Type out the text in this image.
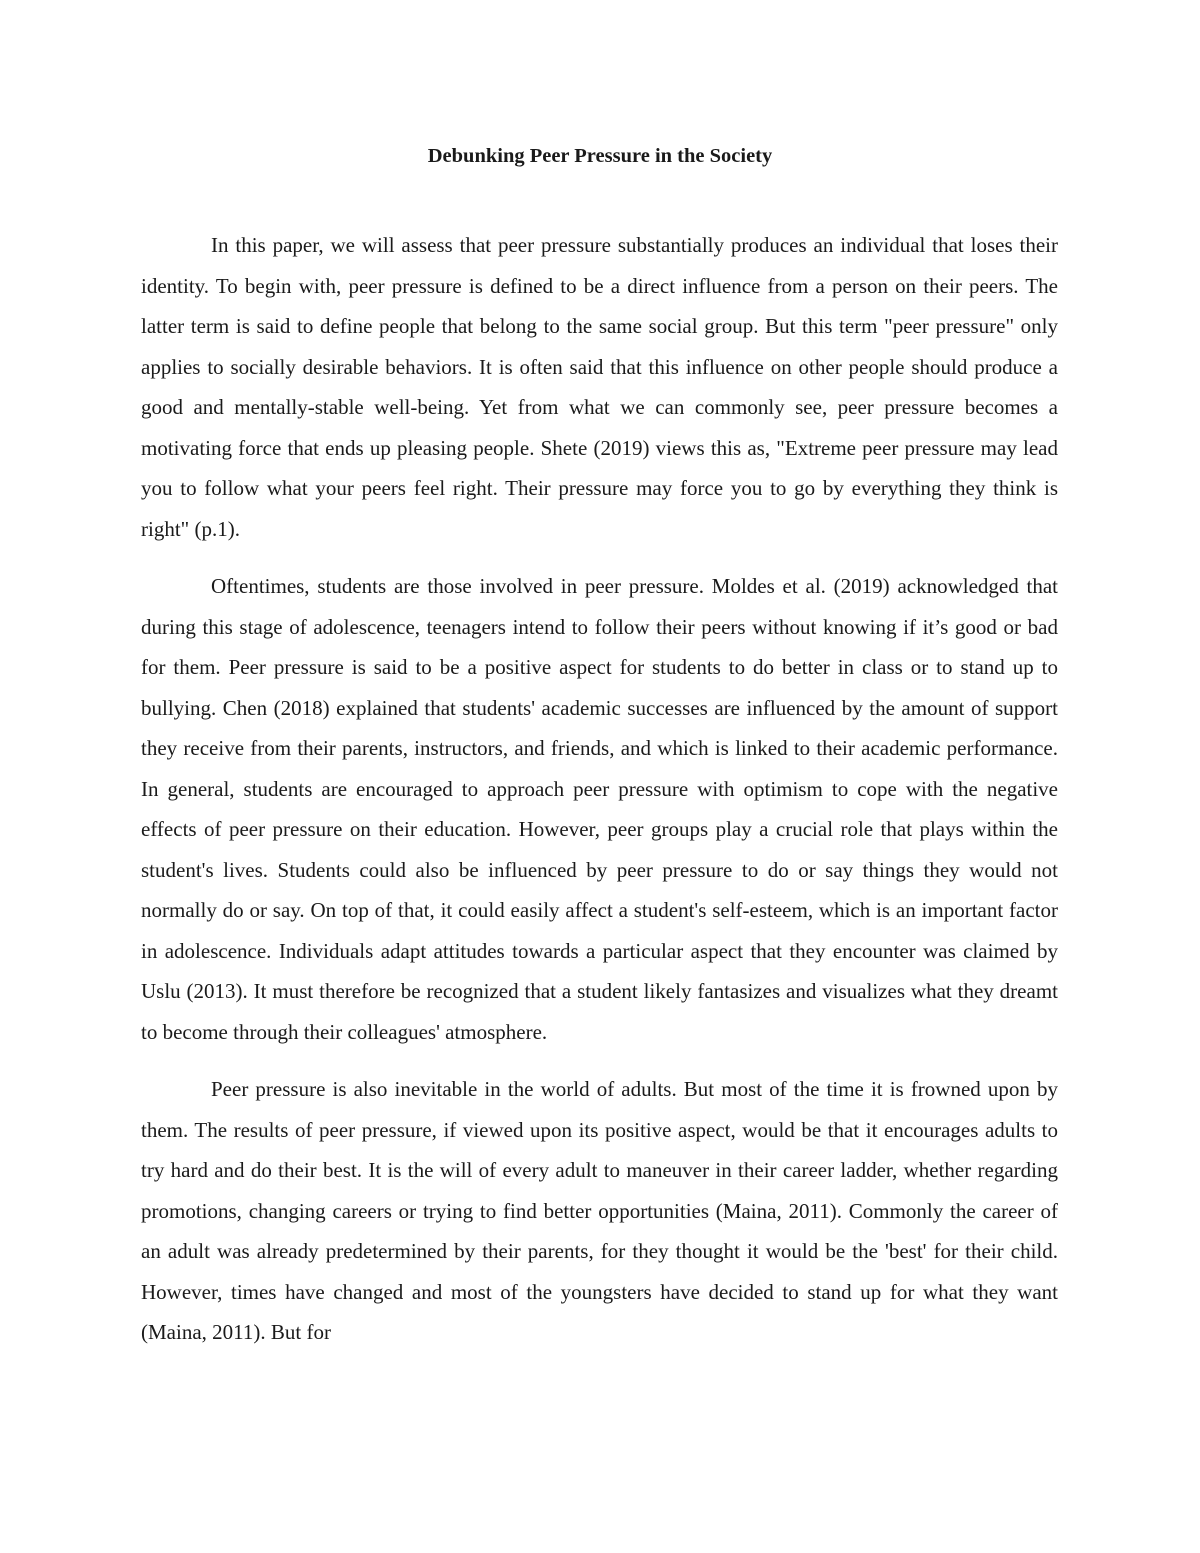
Debunking Peer Pressure in the Society

In this paper, we will assess that peer pressure substantially produces an individual that loses their identity. To begin with, peer pressure is defined to be a direct influence from a person on their peers. The latter term is said to define people that belong to the same social group. But this term "peer pressure" only applies to socially desirable behaviors. It is often said that this influence on other people should produce a good and mentally-stable well-being. Yet from what we can commonly see, peer pressure becomes a motivating force that ends up pleasing people. Shete (2019) views this as, "Extreme peer pressure may lead you to follow what your peers feel right. Their pressure may force you to go by everything they think is right" (p.1).

Oftentimes, students are those involved in peer pressure. Moldes et al. (2019) acknowledged that during this stage of adolescence, teenagers intend to follow their peers without knowing if it’s good or bad for them. Peer pressure is said to be a positive aspect for students to do better in class or to stand up to bullying. Chen (2018) explained that students' academic successes are influenced by the amount of support they receive from their parents, instructors, and friends, and which is linked to their academic performance. In general, students are encouraged to approach peer pressure with optimism to cope with the negative effects of peer pressure on their education. However, peer groups play a crucial role that plays within the student's lives. Students could also be influenced by peer pressure to do or say things they would not normally do or say. On top of that, it could easily affect a student's self-esteem, which is an important factor in adolescence. Individuals adapt attitudes towards a particular aspect that they encounter was claimed by Uslu (2013). It must therefore be recognized that a student likely fantasizes and visualizes what they dreamt to become through their colleagues' atmosphere.

Peer pressure is also inevitable in the world of adults. But most of the time it is frowned upon by them. The results of peer pressure, if viewed upon its positive aspect, would be that it encourages adults to try hard and do their best. It is the will of every adult to maneuver in their career ladder, whether regarding promotions, changing careers or trying to find better opportunities (Maina, 2011). Commonly the career of an adult was already predetermined by their parents, for they thought it would be the 'best' for their child. However, times have changed and most of the youngsters have decided to stand up for what they want (Maina, 2011). But for
